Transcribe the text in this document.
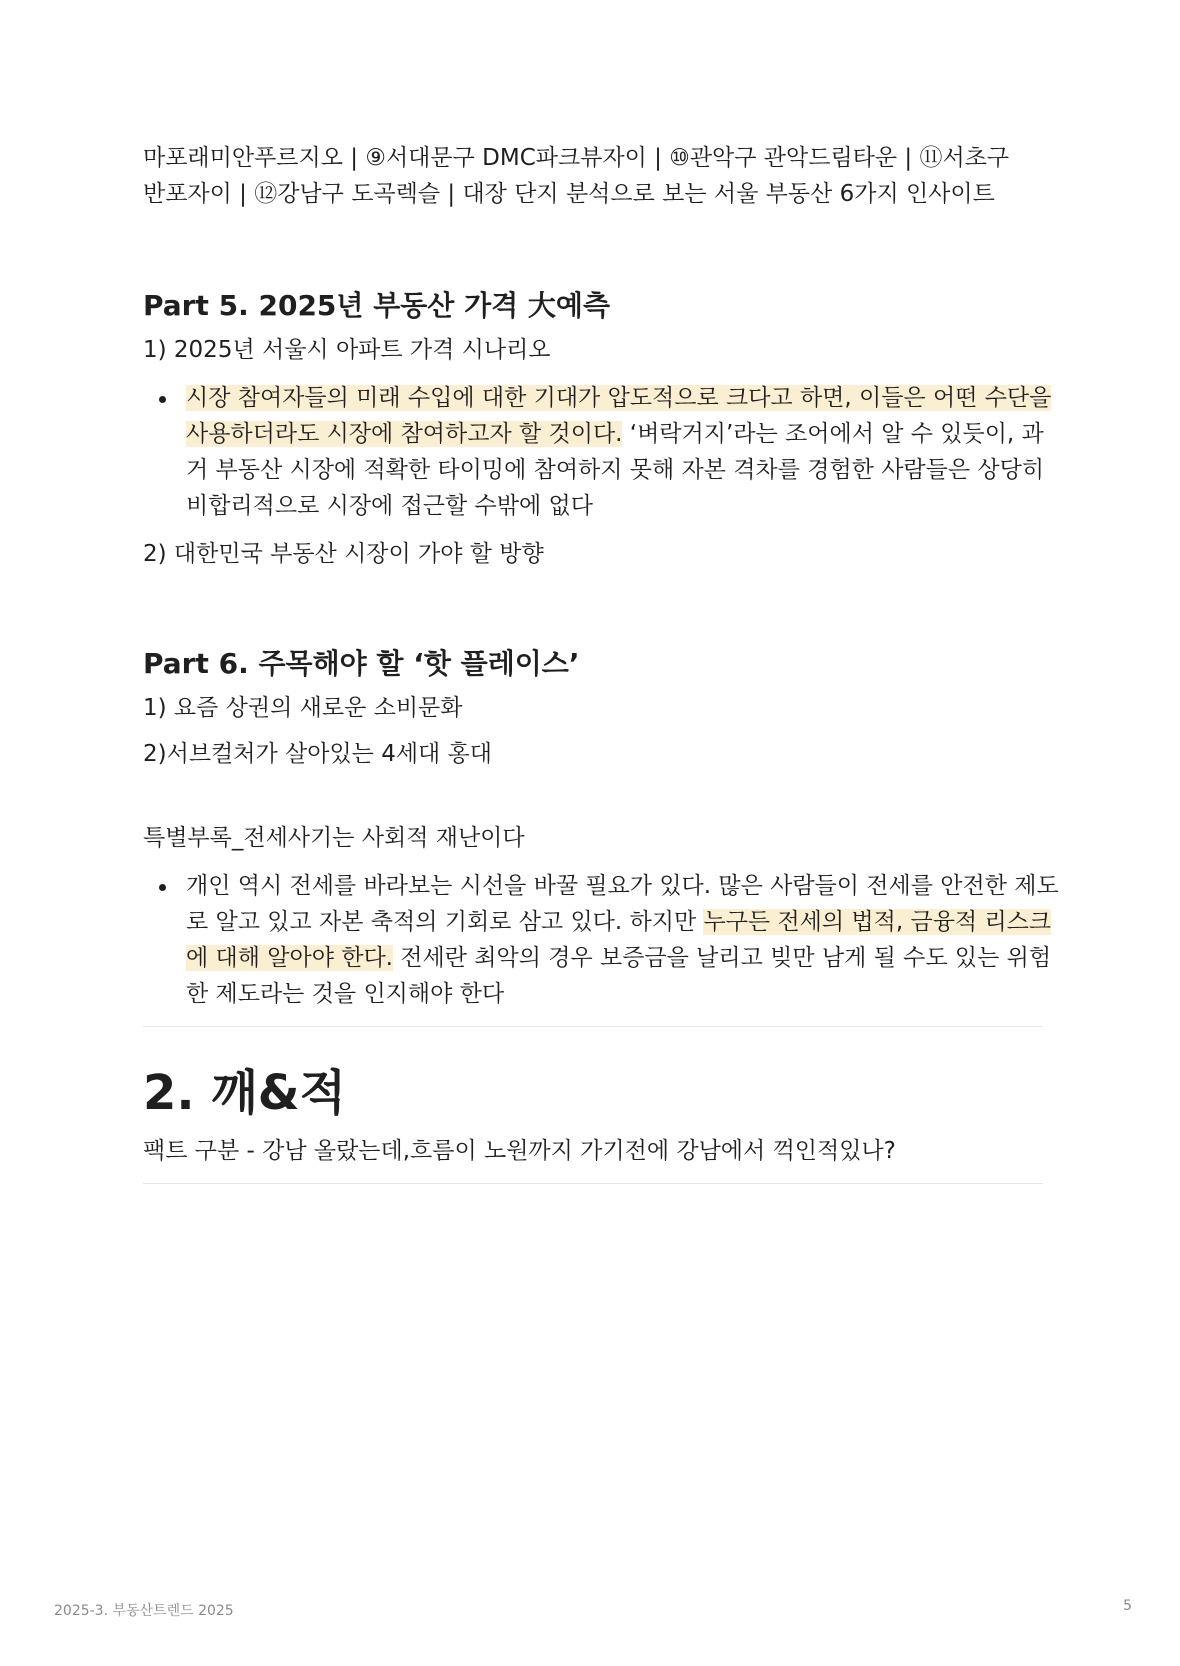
마포래미안푸르지오 | ⑨서대문구 DMC파크뷰자이 | ⑩관악구 관악드림타운 | ⑪서초구

반포자이 | ⑫강남구 도곡렉슬 | 대장 단지 분석으로 보는 서울 부동산 6가지 인사이트

Part 5. 2025년 부동산 가격 大예측

1) 2025년 서울시 아파트 가격 시나리오

시장 참여자들의 미래 수입에 대한 기대가 압도적으로 크다고 하면, 이들은 어떤 수단을
사용하더라도 시장에 참여하고자 할 것이다. ‘벼락거지’라는 조어에서 알 수 있듯이, 과
거 부동산 시장에 적확한 타이밍에 참여하지 못해 자본 격차를 경험한 사람들은 상당히
비합리적으로 시장에 접근할 수밖에 없다

2) 대한민국 부동산 시장이 가야 할 방향

Part 6. 주목해야 할 ‘핫 플레이스’

1) 요즘 상권의 새로운 소비문화

2)서브컬처가 살아있는 4세대 홍대

특별부록_전세사기는 사회적 재난이다

개인 역시 전세를 바라보는 시선을 바꿀 필요가 있다. 많은 사람들이 전세를 안전한 제도
로 알고 있고 자본 축적의 기회로 삼고 있다. 하지만 누구든 전세의 법적, 금융적 리스크
에 대해 알아야 한다. 전세란 최악의 경우 보증금을 날리고 빚만 남게 될 수도 있는 위험
한 제도라는 것을 인지해야 한다
2. 깨&적

팩트 구분 - 강남 올랐는데,흐름이 노원까지 가기전에 강남에서 꺽인적있나?

2025-3. 부동산트렌드 2025	5
